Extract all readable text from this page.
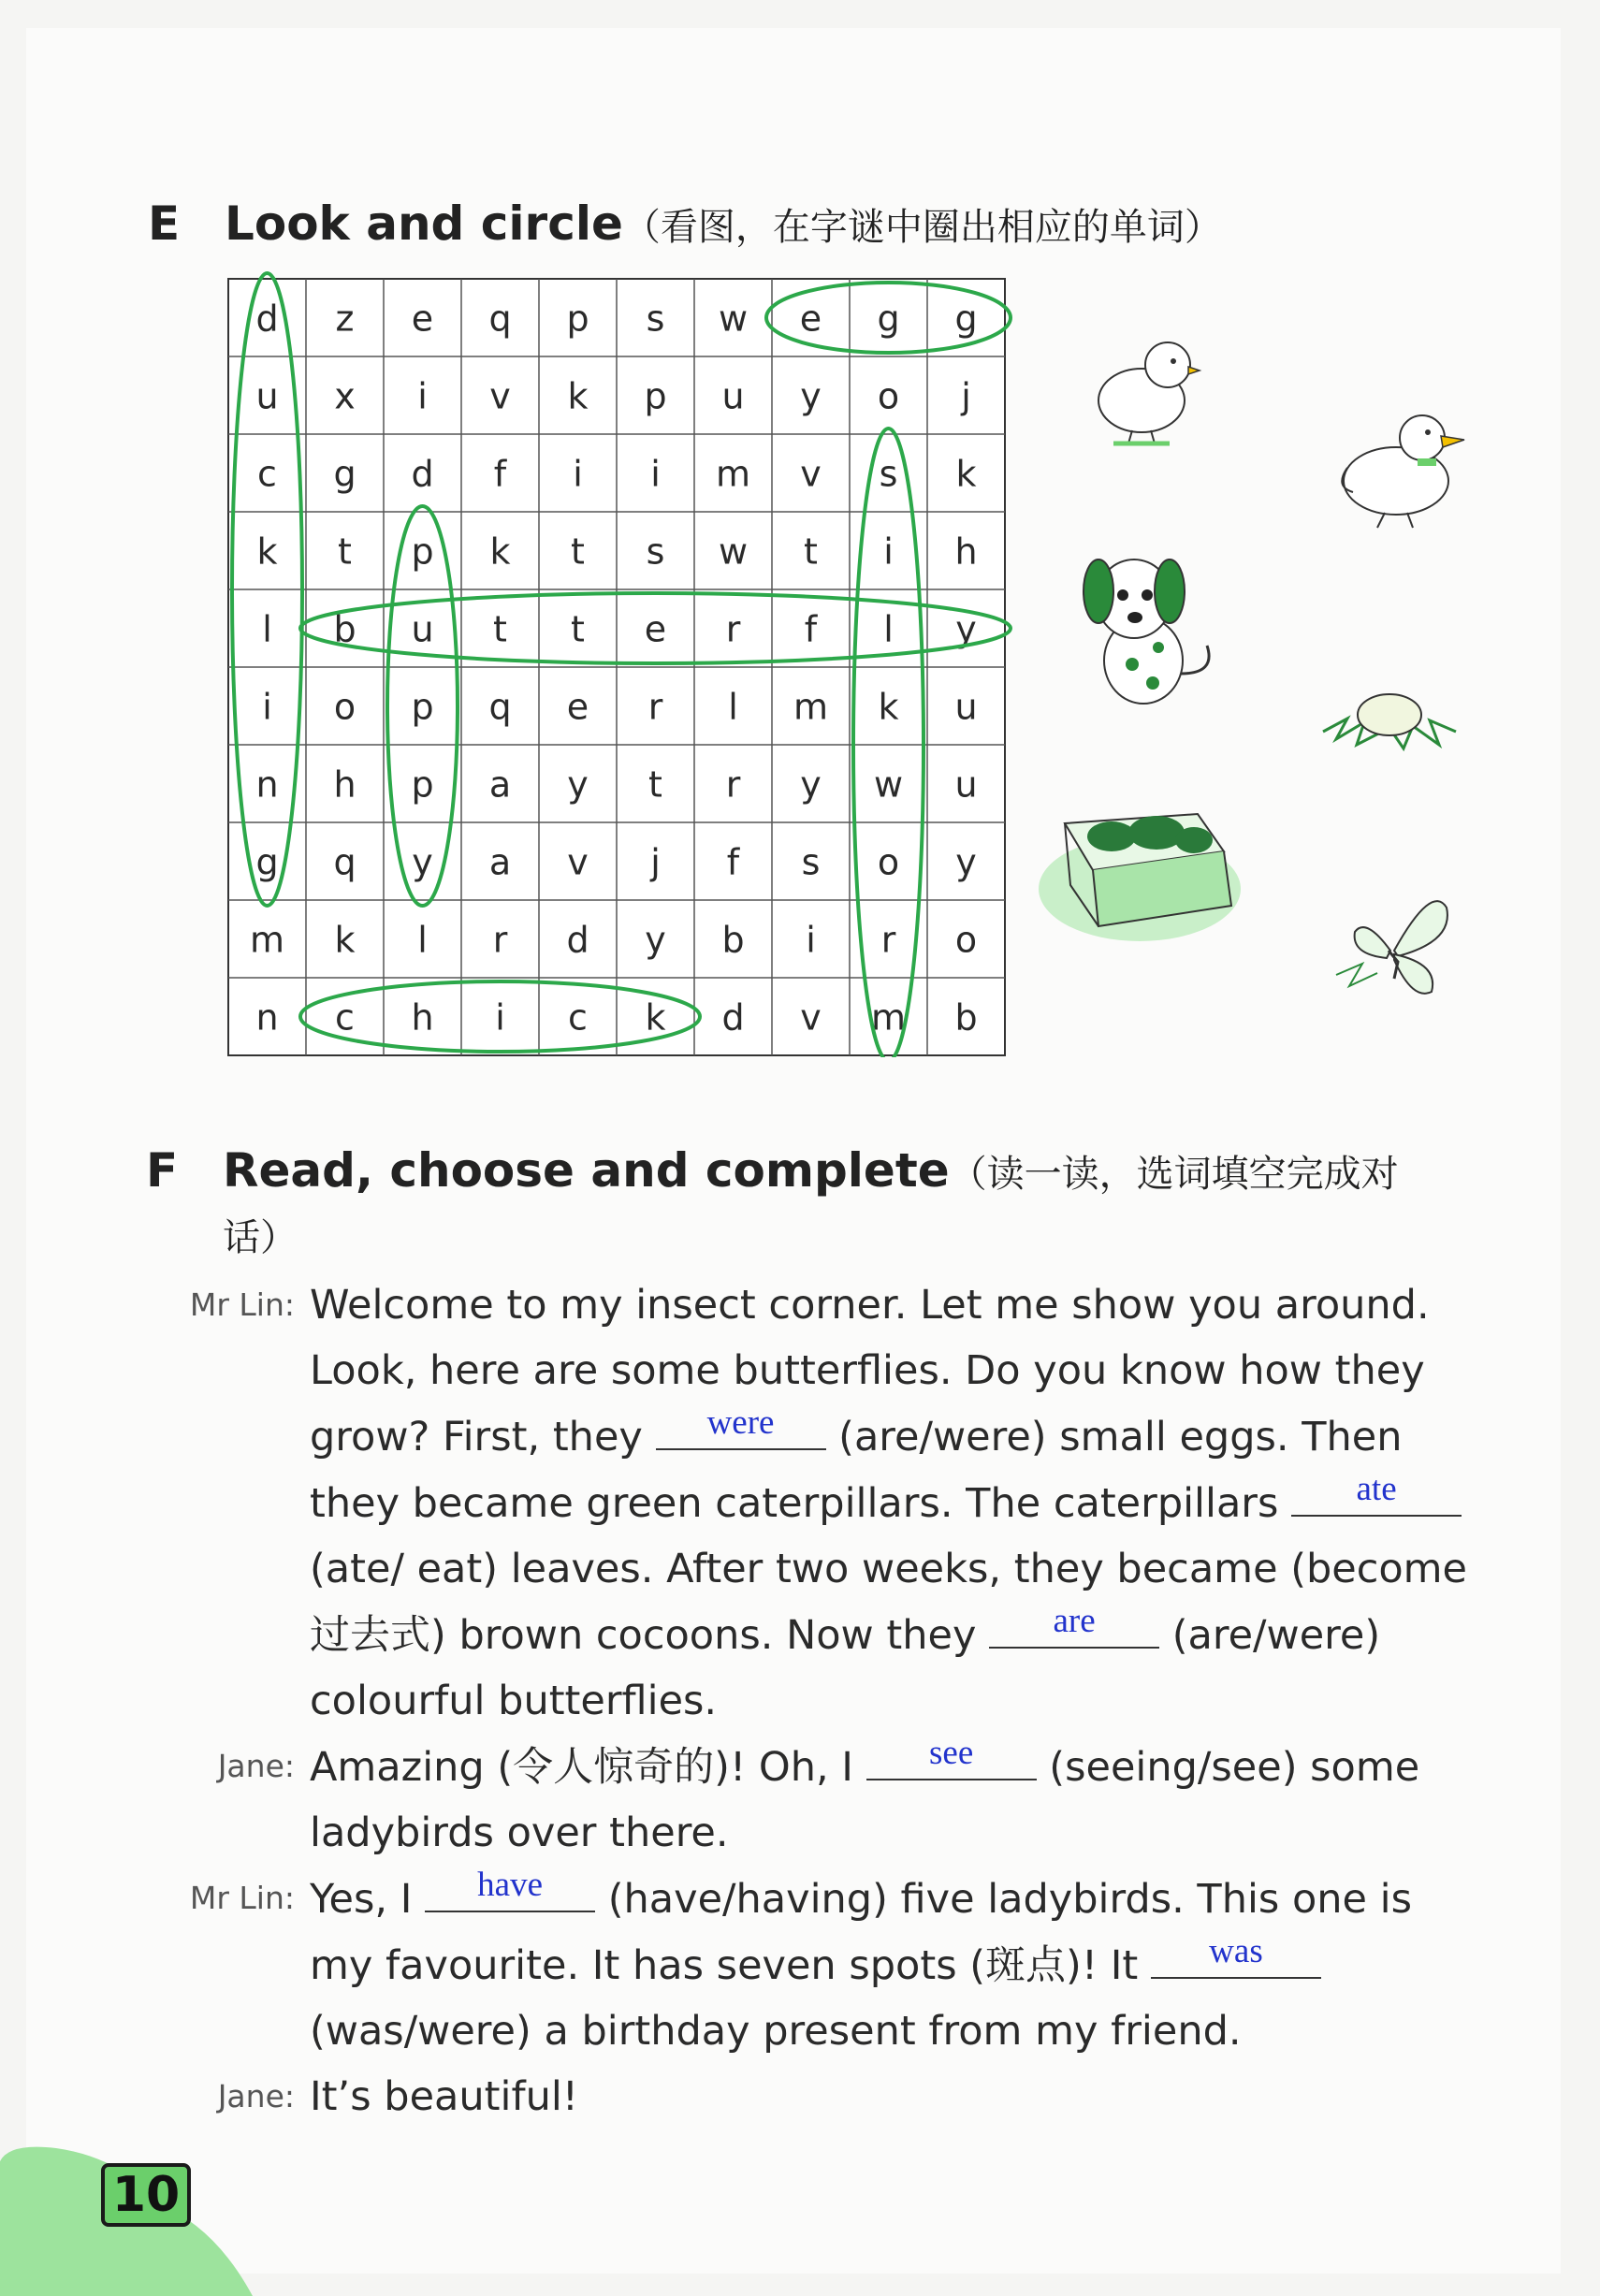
E Look and circle（看图，在字谜中圈出相应的单词）
d z e q p s w e g g
u x i v k p u y o j
c g d f i i m v s k
k t p k t s w t i h
l b u t t e r f l y
i o p q e r l m k u
n h p a y t r y w u
g q y a v j f s o y
m k l r d y b i r o
n c h i c k d v m b
F Read, choose and complete（读一读，选词填空完成对
话）
Mr Lin: Welcome to my insect corner. Let me show you around. Look, here are some butterflies. Do you know how they grow? First, they	were	(are/were) small eggs. Then they became green caterpillars. The caterpillars	ate
(ate/ eat) leaves. After two weeks, they became (become过去式) brown cocoons. Now they	are	(are/were) colourful butterflies.
Jane: Amazing (令人惊奇的)! Oh, I	see	(seeing/see) some ladybirds over there.
Mr Lin: Yes, I	have	(have/having) five ladybirds. This one is my favourite. It has seven spots (斑点)! It	was
(was/were) a birthday present from my friend.
Jane: It’s beautiful!
10
